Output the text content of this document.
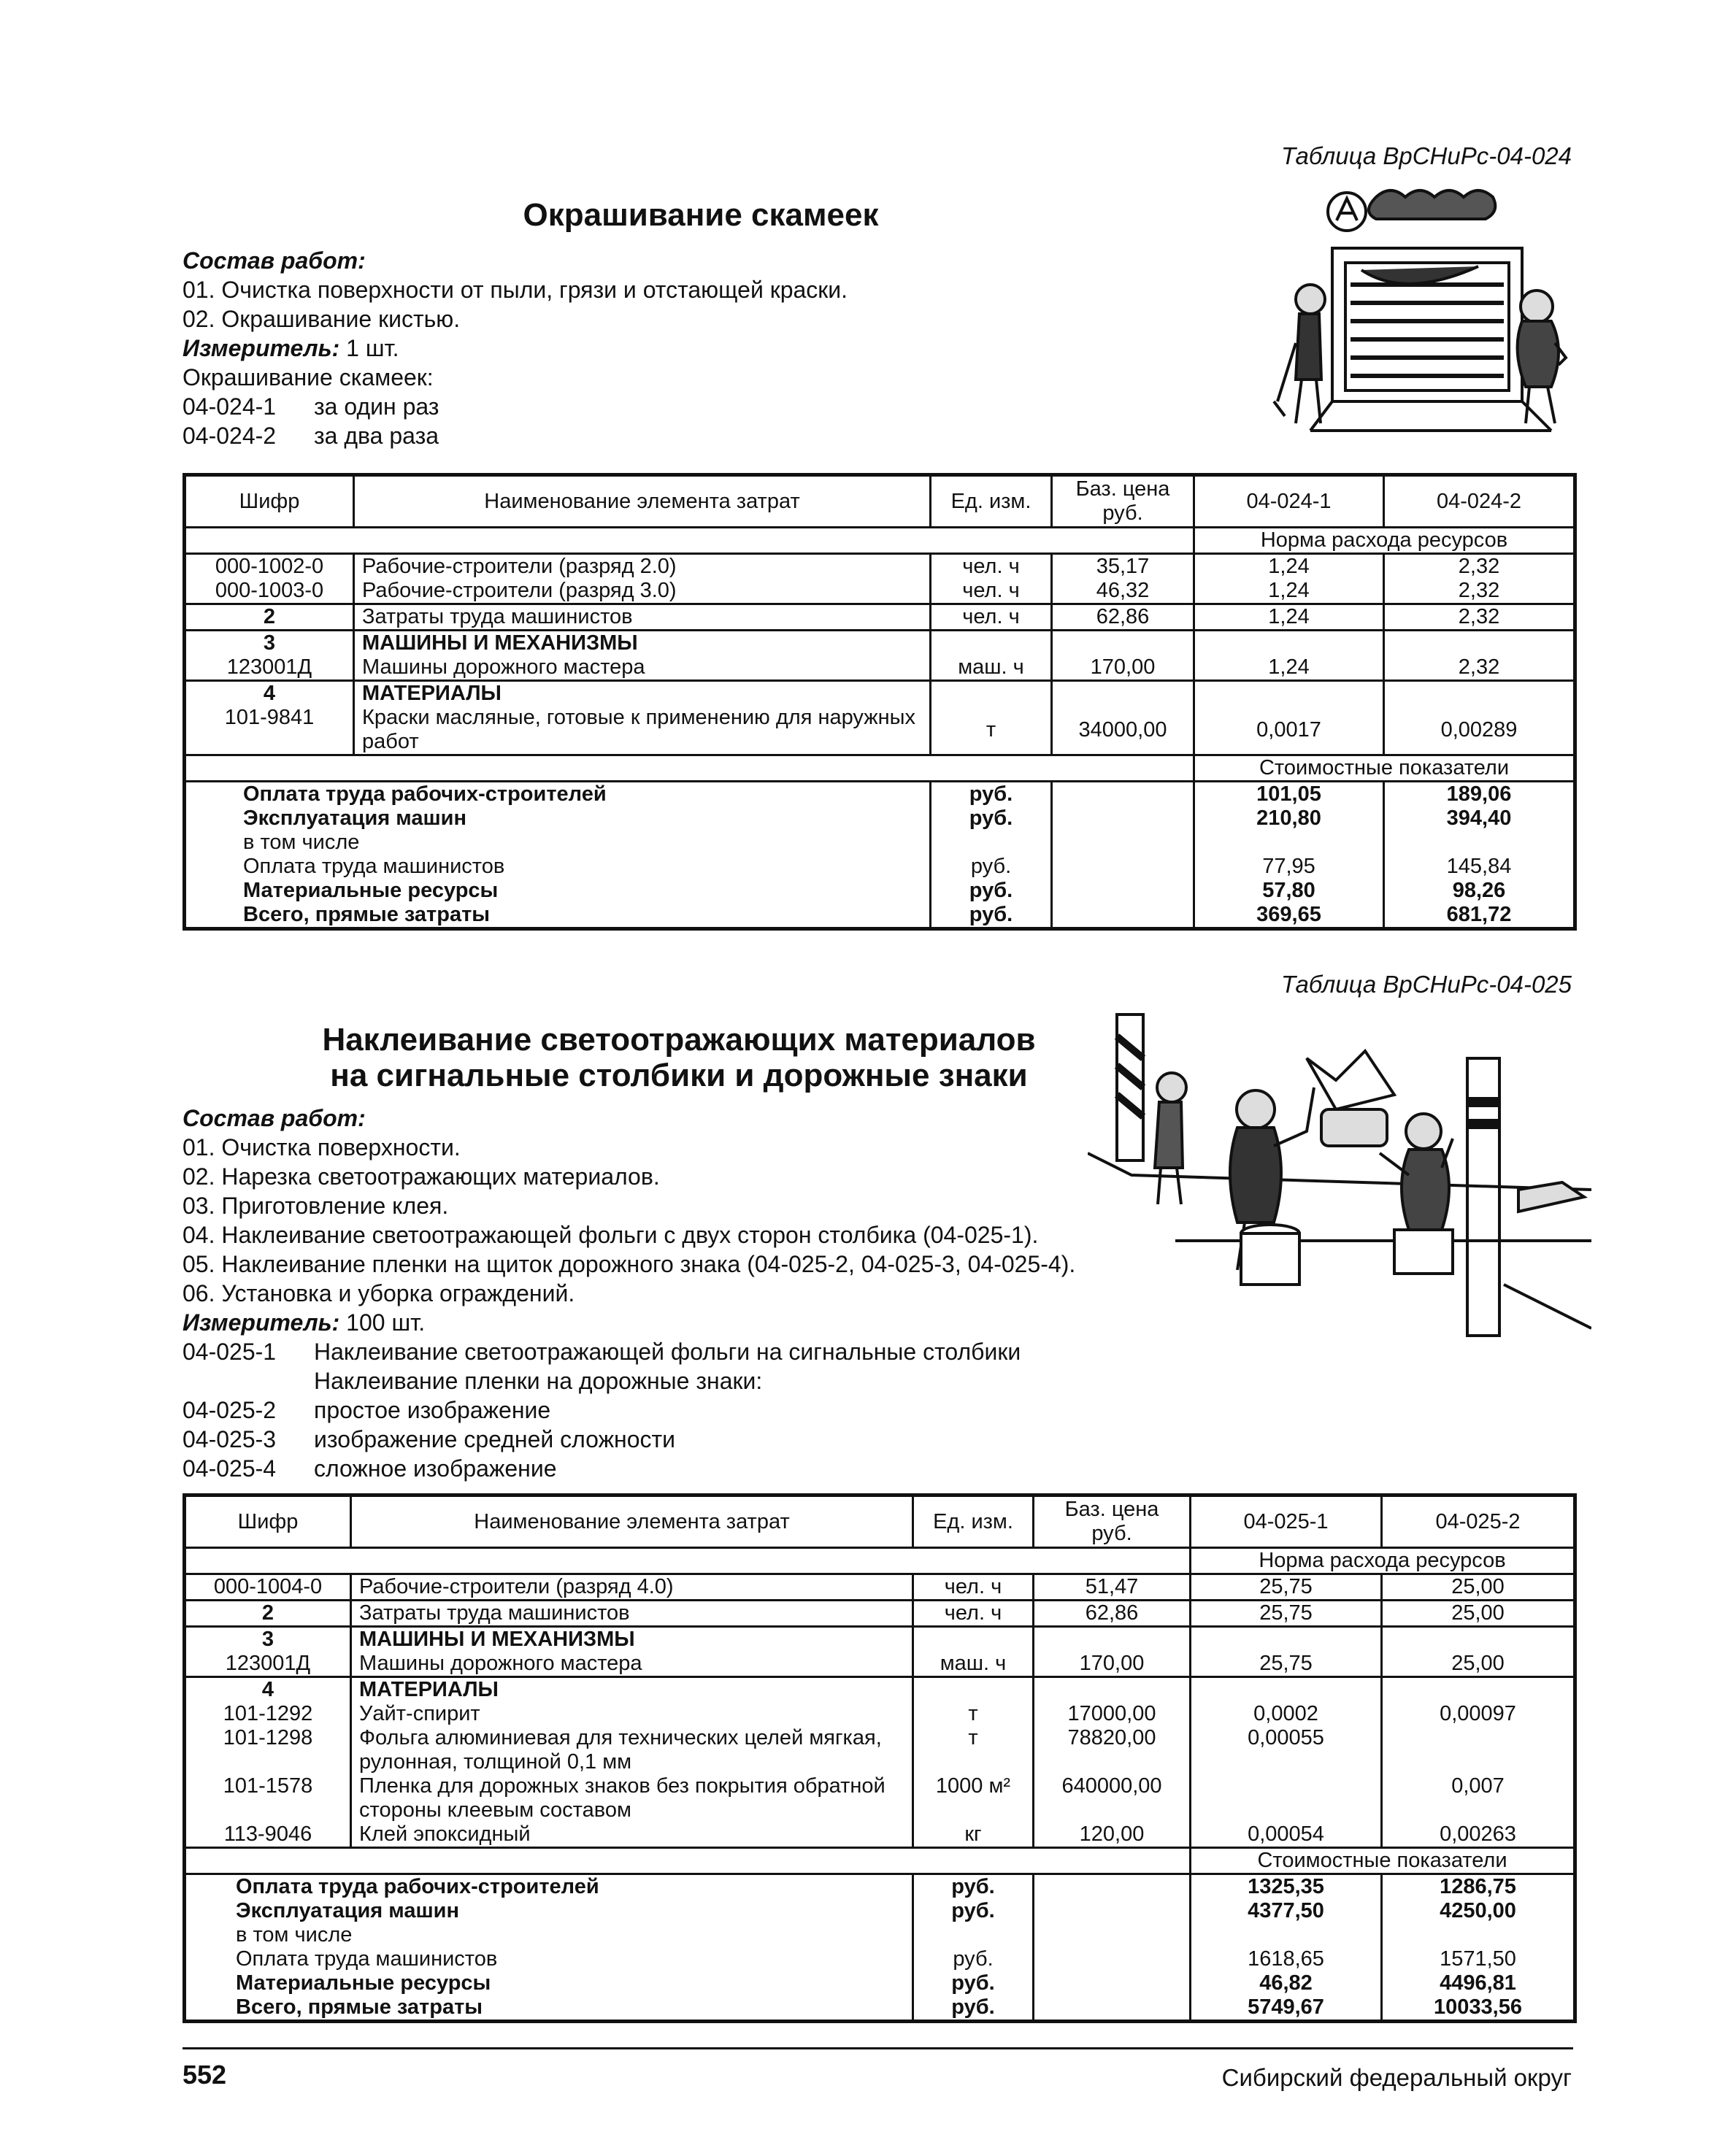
Таблица ВрСНиРс-04-024
Окрашивание скамеек
Состав работ:
01. Очистка поверхности от пыли, грязи и отстающей краски.
02. Окрашивание кистью.
Измеритель: 1 шт.
Окрашивание скамеек:
04-024-1 за один раз
04-024-2 за два раза
Шифр	Наименование элемента затрат	Ед. изм.	Баз. цена руб.	04-024-1	04-024-2
				Норма расхода ресурсов	
000-1002-0	Рабочие-строители (разряд 2.0)	чел. ч	35,17	1,24	2,32
000-1003-0	Рабочие-строители (разряд 3.0)	чел. ч	46,32	1,24	2,32
2	Затраты труда машинистов	чел. ч	62,86	1,24	2,32
3	МАШИНЫ И МЕХАНИЗМЫ				
123001Д	Машины дорожного мастера	маш. ч	170,00	1,24	2,32
4	МАТЕРИАЛЫ				
101-9841	Краски масляные, готовые к применению для наружных работ	т	34000,00	0,0017	0,00289
				Стоимостные показатели	
Оплата труда рабочих-строителей		руб.		101,05	189,06
Эксплуатация машин		руб.		210,80	394,40
в том числе					
Оплата труда машинистов		руб.		77,95	145,84
Материальные ресурсы		руб.		57,80	98,26
Всего, прямые затраты		руб.		369,65	681,72
Таблица ВрСНиРс-04-025
Наклеивание светоотражающих материалов
на сигнальные столбики и дорожные знаки
Состав работ:
01. Очистка поверхности.
02. Нарезка светоотражающих материалов.
03. Приготовление клея.
04. Наклеивание светоотражающей фольги с двух сторон столбика (04-025-1).
05. Наклеивание пленки на щиток дорожного знака (04-025-2, 04-025-3, 04-025-4).
06. Установка и уборка ограждений.
Измеритель: 100 шт.
04-025-1 Наклеивание светоотражающей фольги на сигнальные столбики
Наклеивание пленки на дорожные знаки:
04-025-2 простое изображение
04-025-3 изображение средней сложности
04-025-4 сложное изображение
Шифр	Наименование элемента затрат	Ед. изм.	Баз. цена руб.	04-025-1	04-025-2
				Норма расхода ресурсов	
000-1004-0	Рабочие-строители (разряд 4.0)	чел. ч	51,47	25,75	25,00
2	Затраты труда машинистов	чел. ч	62,86	25,75	25,00
3	МАШИНЫ И МЕХАНИЗМЫ				
123001Д	Машины дорожного мастера	маш. ч	170,00	25,75	25,00
4	МАТЕРИАЛЫ				
101-1292	Уайт-спирит	т	17000,00	0,0002	0,00097
101-1298	Фольга алюминиевая для технических целей мягкая, рулонная, толщиной 0,1 мм	т	78820,00	0,00055	
101-1578	Пленка для дорожных знаков без покрытия обратной стороны клеевым составом	1000 м²	640000,00		0,007
113-9046	Клей эпоксидный	кг	120,00	0,00054	0,00263
				Стоимостные показатели	
Оплата труда рабочих-строителей		руб.		1325,35	1286,75
Эксплуатация машин		руб.		4377,50	4250,00
в том числе					
Оплата труда машинистов		руб.		1618,65	1571,50
Материальные ресурсы		руб.		46,82	4496,81
Всего, прямые затраты		руб.		5749,67	10033,56
552	Сибирский федеральный округ
